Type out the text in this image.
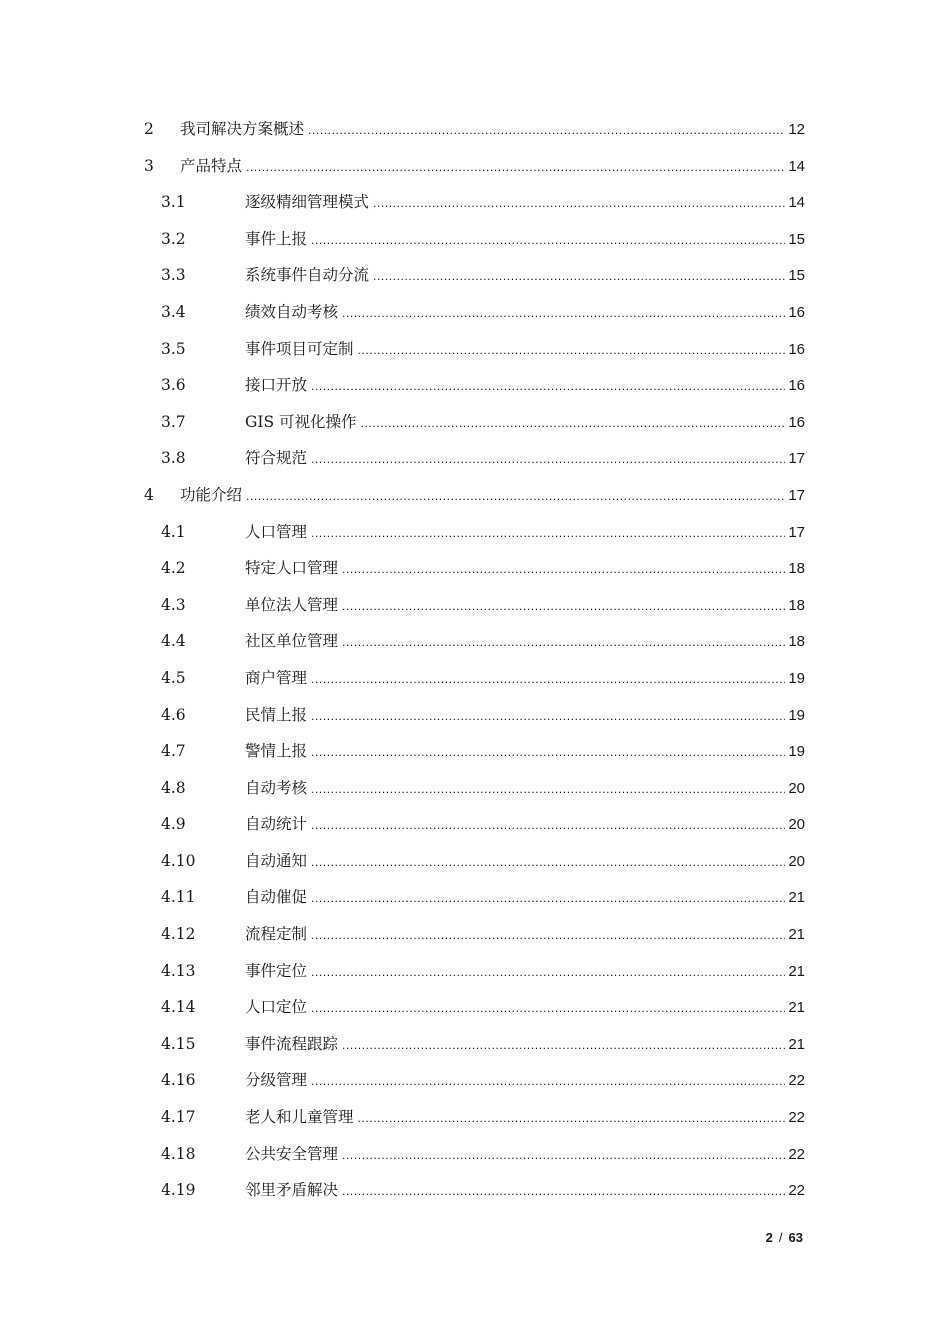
2 我司解决方案概述 .....	12
3 产品特点 .....	14
3.1	逐级精细管理模式 .....	14
3.2	事件上报 .....	15
3.3	系统事件自动分流 .....	15
3.4	绩效自动考核 .....	16
3.5	事件项目可定制 .....	16
3.6	接口开放 .....	16
3.7	GIS 可视化操作 .....	16
3.8	符合规范 .....	17
4 功能介绍 .....	17
4.1	人口管理 .....	17
4.2	特定人口管理 .....	18
4.3	单位法人管理 .....	18
4.4	社区单位管理 .....	18
4.5	商户管理 .....	19
4.6	民情上报 .....	19
4.7	警情上报 .....	19
4.8	自动考核 .....	20
4.9	自动统计 .....	20
4.10	自动通知 .....	20
4.11	自动催促 .....	21
4.12	流程定制 .....	21
4.13	事件定位 .....	21
4.14	人口定位 .....	21
4.15	事件流程跟踪 .....	21
4.16	分级管理 .....	22
4.17	老人和儿童管理 .....	22
4.18	公共安全管理 .....	22
4.19	邻里矛盾解决 .....	22
2 / 63
